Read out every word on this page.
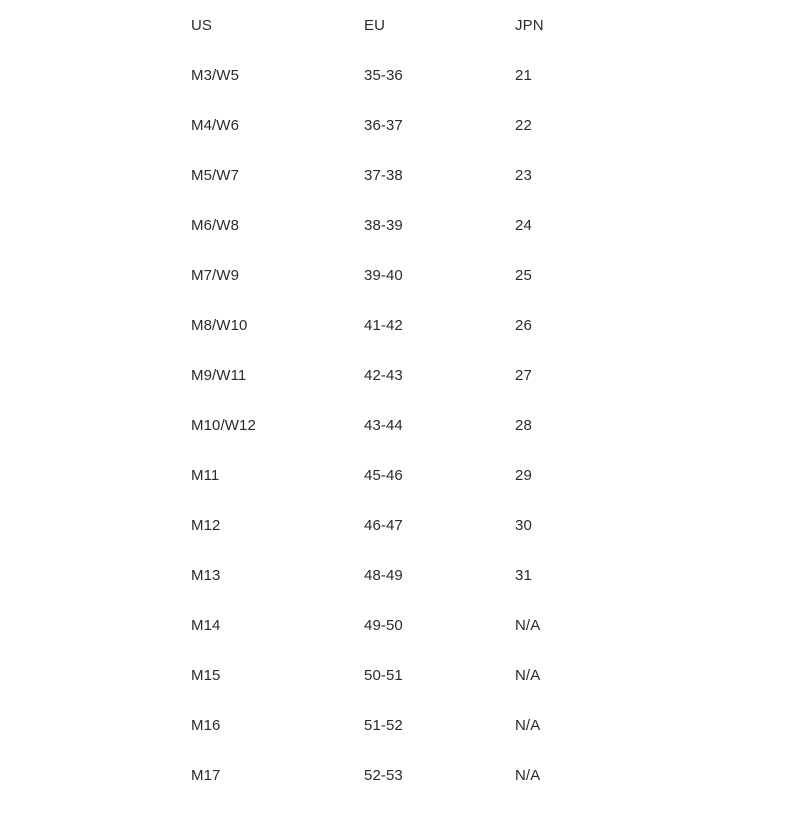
US	EU	JPN
M3/W5	35-36	21
M4/W6	36-37	22
M5/W7	37-38	23
M6/W8	38-39	24
M7/W9	39-40	25
M8/W10	41-42	26
M9/W11	42-43	27
M10/W12	43-44	28
M11	45-46	29
M12	46-47	30
M13	48-49	31
M14	49-50	N/A
M15	50-51	N/A
M16	51-52	N/A
M17	52-53	N/A
